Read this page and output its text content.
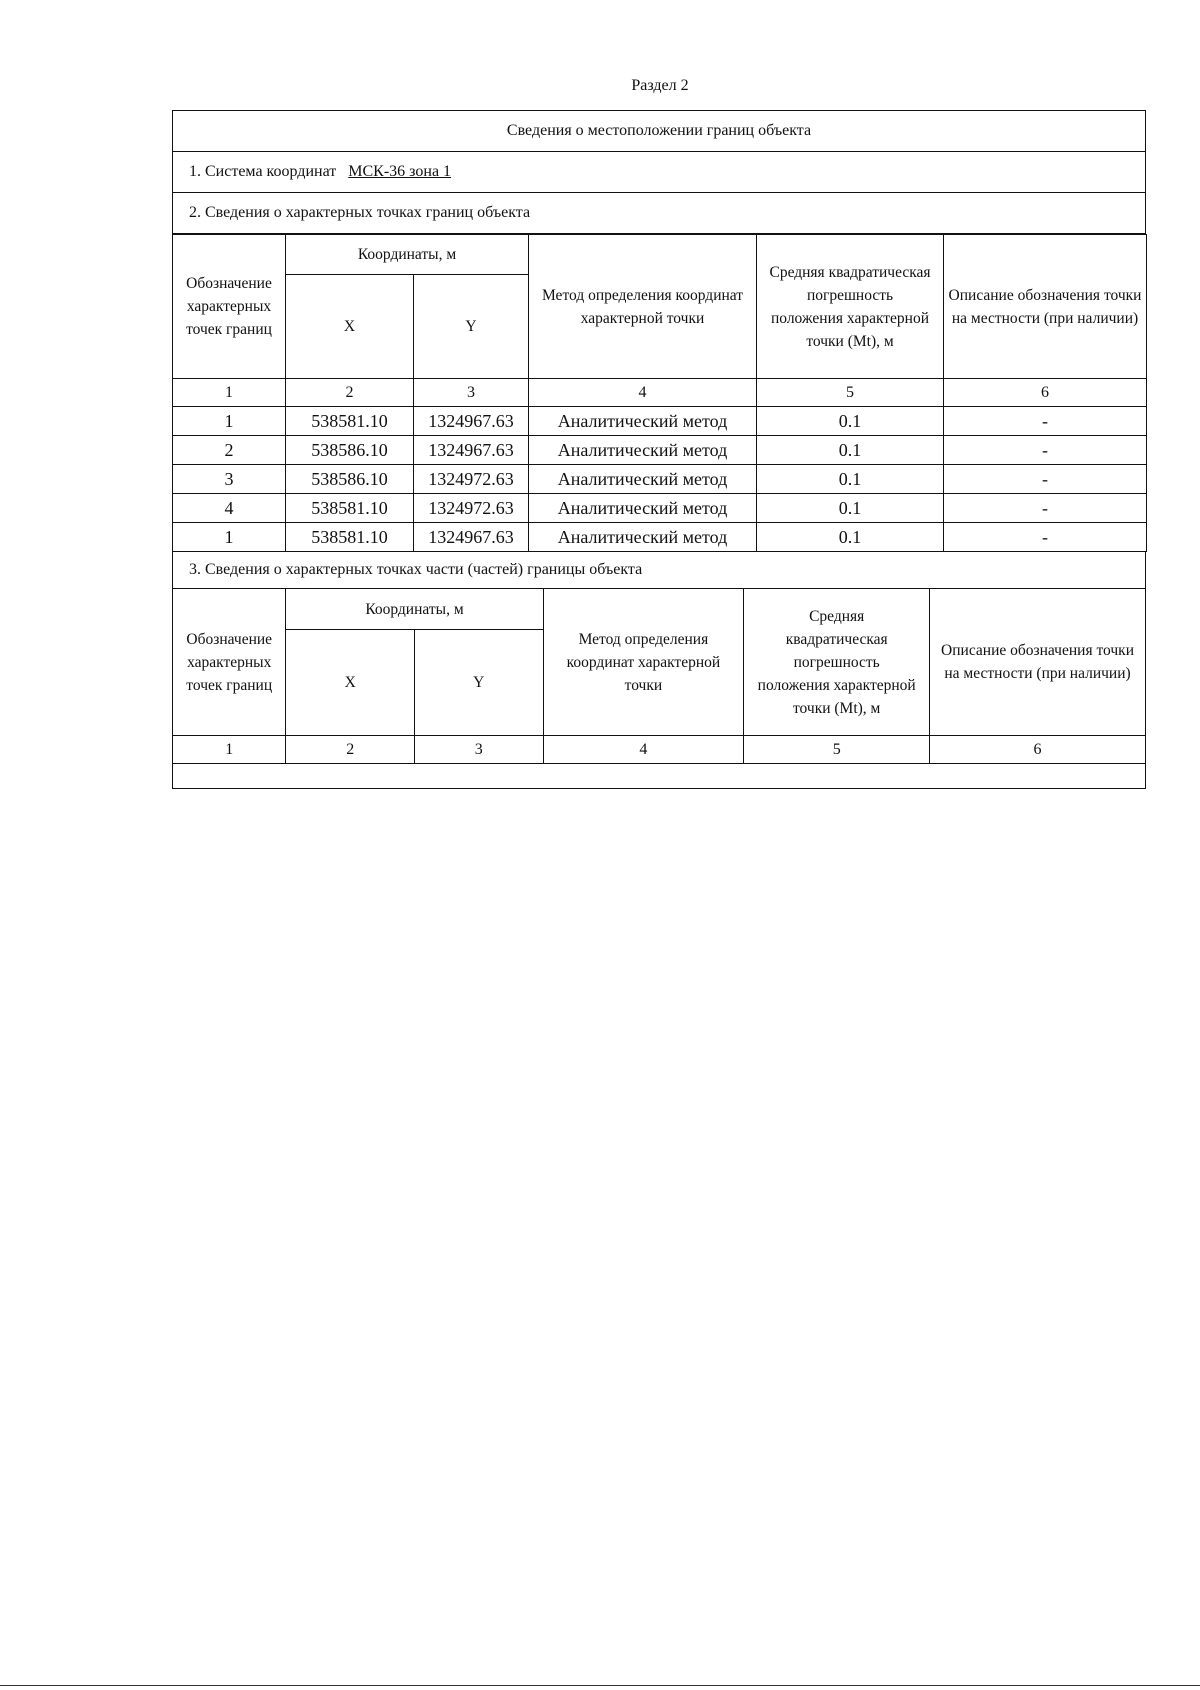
Раздел 2
Сведения о местоположении границ объекта
1. Система координат МСК-36 зона 1
2. Сведения о характерных точках границ объекта
Обозначение характерных точек границ	Координаты, м		Метод определения координат характерной точки	Средняя квадратическая погрешность положения характерной точки (Mt), м	Описание обозначения точки на местности (при наличии)
	X	Y			
1	2	3	4	5	6
1	538581.10	1324967.63	Аналитический метод	0.1	-
2	538586.10	1324967.63	Аналитический метод	0.1	-
3	538586.10	1324972.63	Аналитический метод	0.1	-
4	538581.10	1324972.63	Аналитический метод	0.1	-
1	538581.10	1324967.63	Аналитический метод	0.1	-
3. Сведения о характерных точках части (частей) границы объекта
Обозначение характерных точек границ	Координаты, м		Метод определения координат характерной точки	Средняя квадратическая погрешность положения характерной точки (Mt), м	Описание обозначения точки на местности (при наличии)
	X	Y			
1	2	3	4	5	6
